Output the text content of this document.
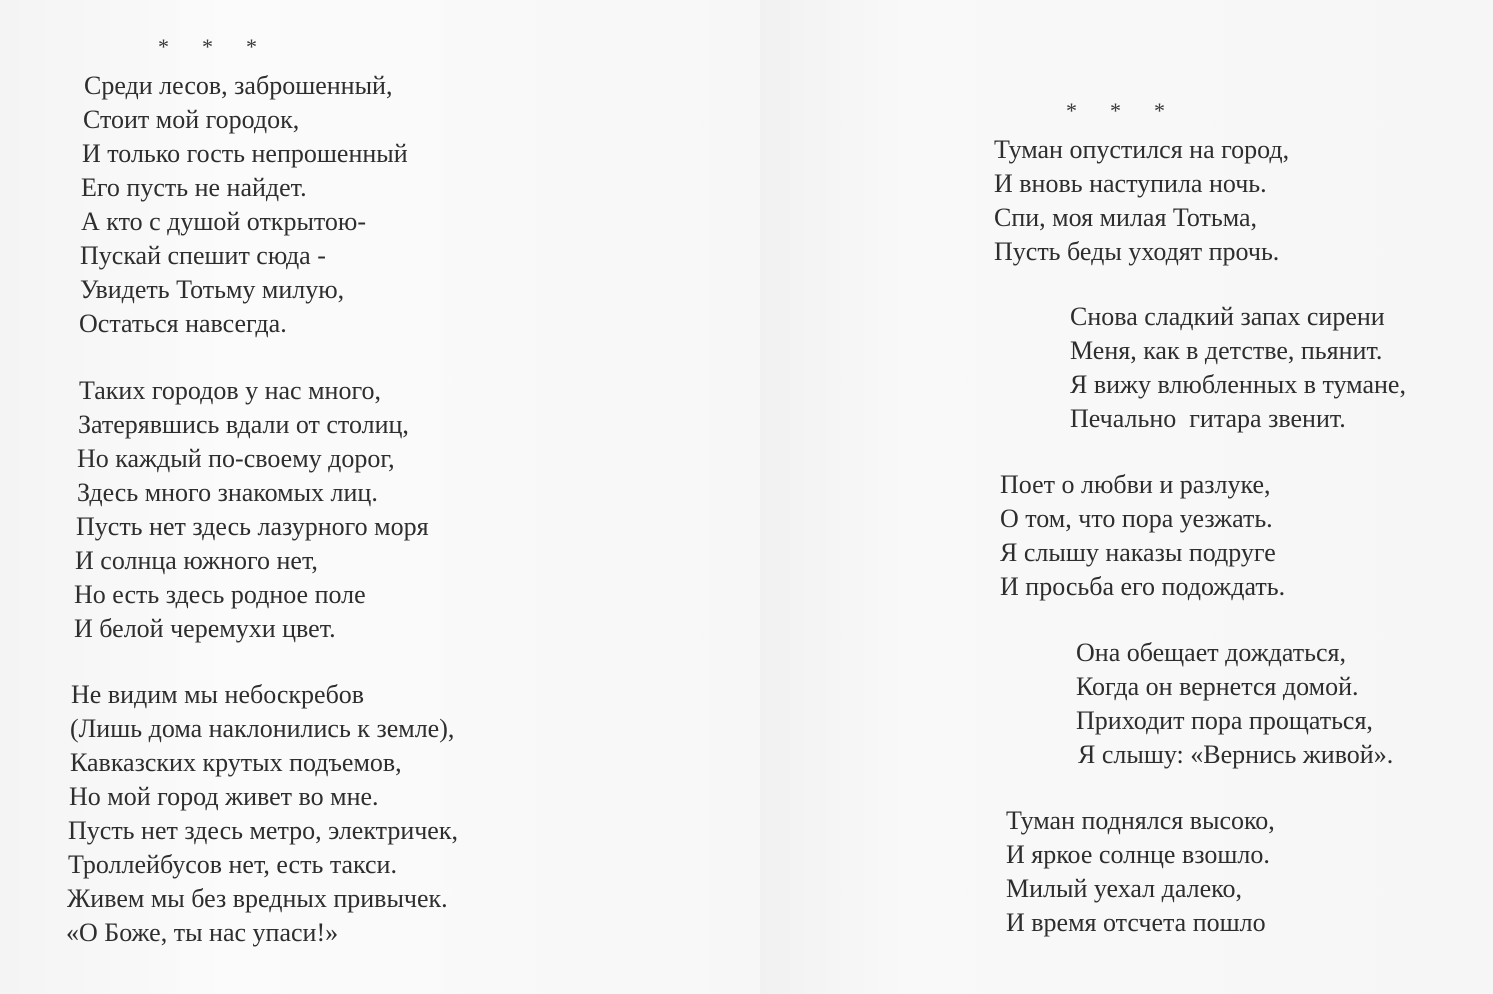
*      *      *
Среди лесов, заброшенный,
Стоит мой городок,
И только гость непрошенный
Его пусть не найдет.
А кто с душой открытою-
Пускай спешит сюда -
Увидеть Тотьму милую,
Остаться навсегда.
Таких городов у нас много,
Затерявшись вдали от столиц,
Но каждый по-своему дорог,
Здесь много знакомых лиц.
Пусть нет здесь лазурного моря
И солнца южного нет,
Но есть здесь родное поле
И белой черемухи цвет.
Не видим мы небоскребов
(Лишь дома наклонились к земле),
Кавказских крутых подъемов,
Но мой город живет во мне.
Пусть нет здесь метро, электричек,
Троллейбусов нет, есть такси.
Живем мы без вредных привычек.
«О Боже, ты нас упаси!»
*      *      *
Туман опустился на город,
И вновь наступила ночь.
Спи, моя милая Тотьма,
Пусть беды уходят прочь.
Снова сладкий запах сирени
Меня, как в детстве, пьянит.
Я вижу влюбленных в тумане,
Печально  гитара звенит.
Поет о любви и разлуке,
О том, что пора уезжать.
Я слышу наказы подруге
И просьба его подождать.
Она обещает дождаться,
Когда он вернется домой.
Приходит пора прощаться,
Я слышу: «Вернись живой».
Туман поднялся высоко,
И яркое солнце взошло.
Милый уехал далеко,
И время отсчета пошло
